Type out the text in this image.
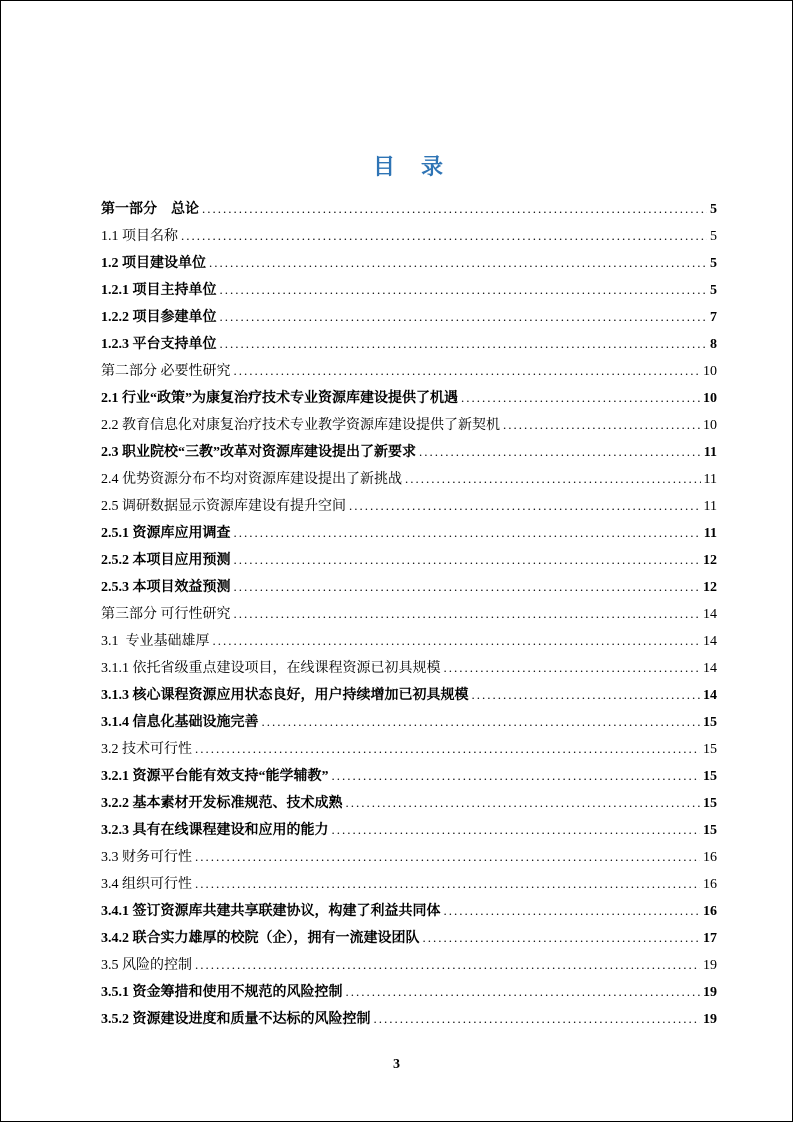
目　录
第一部分　总论 .....	5
1.1 项目名称 .....	5
1.2 项目建设单位 .....	5
1.2.1 项目主持单位 .....	5
1.2.2 项目参建单位 .....	7
1.2.3 平台支持单位 .....	8
第二部分 必要性研究 .....	10
2.1 行业“政策”为康复治疗技术专业资源库建设提供了机遇 .....	10
2.2 教育信息化对康复治疗技术专业教学资源库建设提供了新契机 .....	10
2.3 职业院校“三教”改革对资源库建设提出了新要求 .....	11
2.4 优势资源分布不均对资源库建设提出了新挑战 .....	11
2.5 调研数据显示资源库建设有提升空间 .....	11
2.5.1 资源库应用调查 .....	11
2.5.2 本项目应用预测 .....	12
2.5.3 本项目效益预测 .....	12
第三部分 可行性研究 .....	14
3.1  专业基础雄厚 .....	14
3.1.1 依托省级重点建设项目，在线课程资源已初具规模 .....	14
3.1.3 核心课程资源应用状态良好，用户持续增加已初具规模 .....	14
3.1.4 信息化基础设施完善 .....	15
3.2 技术可行性 .....	15
3.2.1 资源平台能有效支持“能学辅教” .....	15
3.2.2 基本素材开发标准规范、技术成熟 .....	15
3.2.3 具有在线课程建设和应用的能力 .....	15
3.3 财务可行性 .....	16
3.4 组织可行性 .....	16
3.4.1 签订资源库共建共享联建协议，构建了利益共同体 .....	16
3.4.2 联合实力雄厚的校院（企），拥有一流建设团队 .....	17
3.5 风险的控制 .....	19
3.5.1 资金筹措和使用不规范的风险控制 .....	19
3.5.2 资源建设进度和质量不达标的风险控制 .....	19
3
